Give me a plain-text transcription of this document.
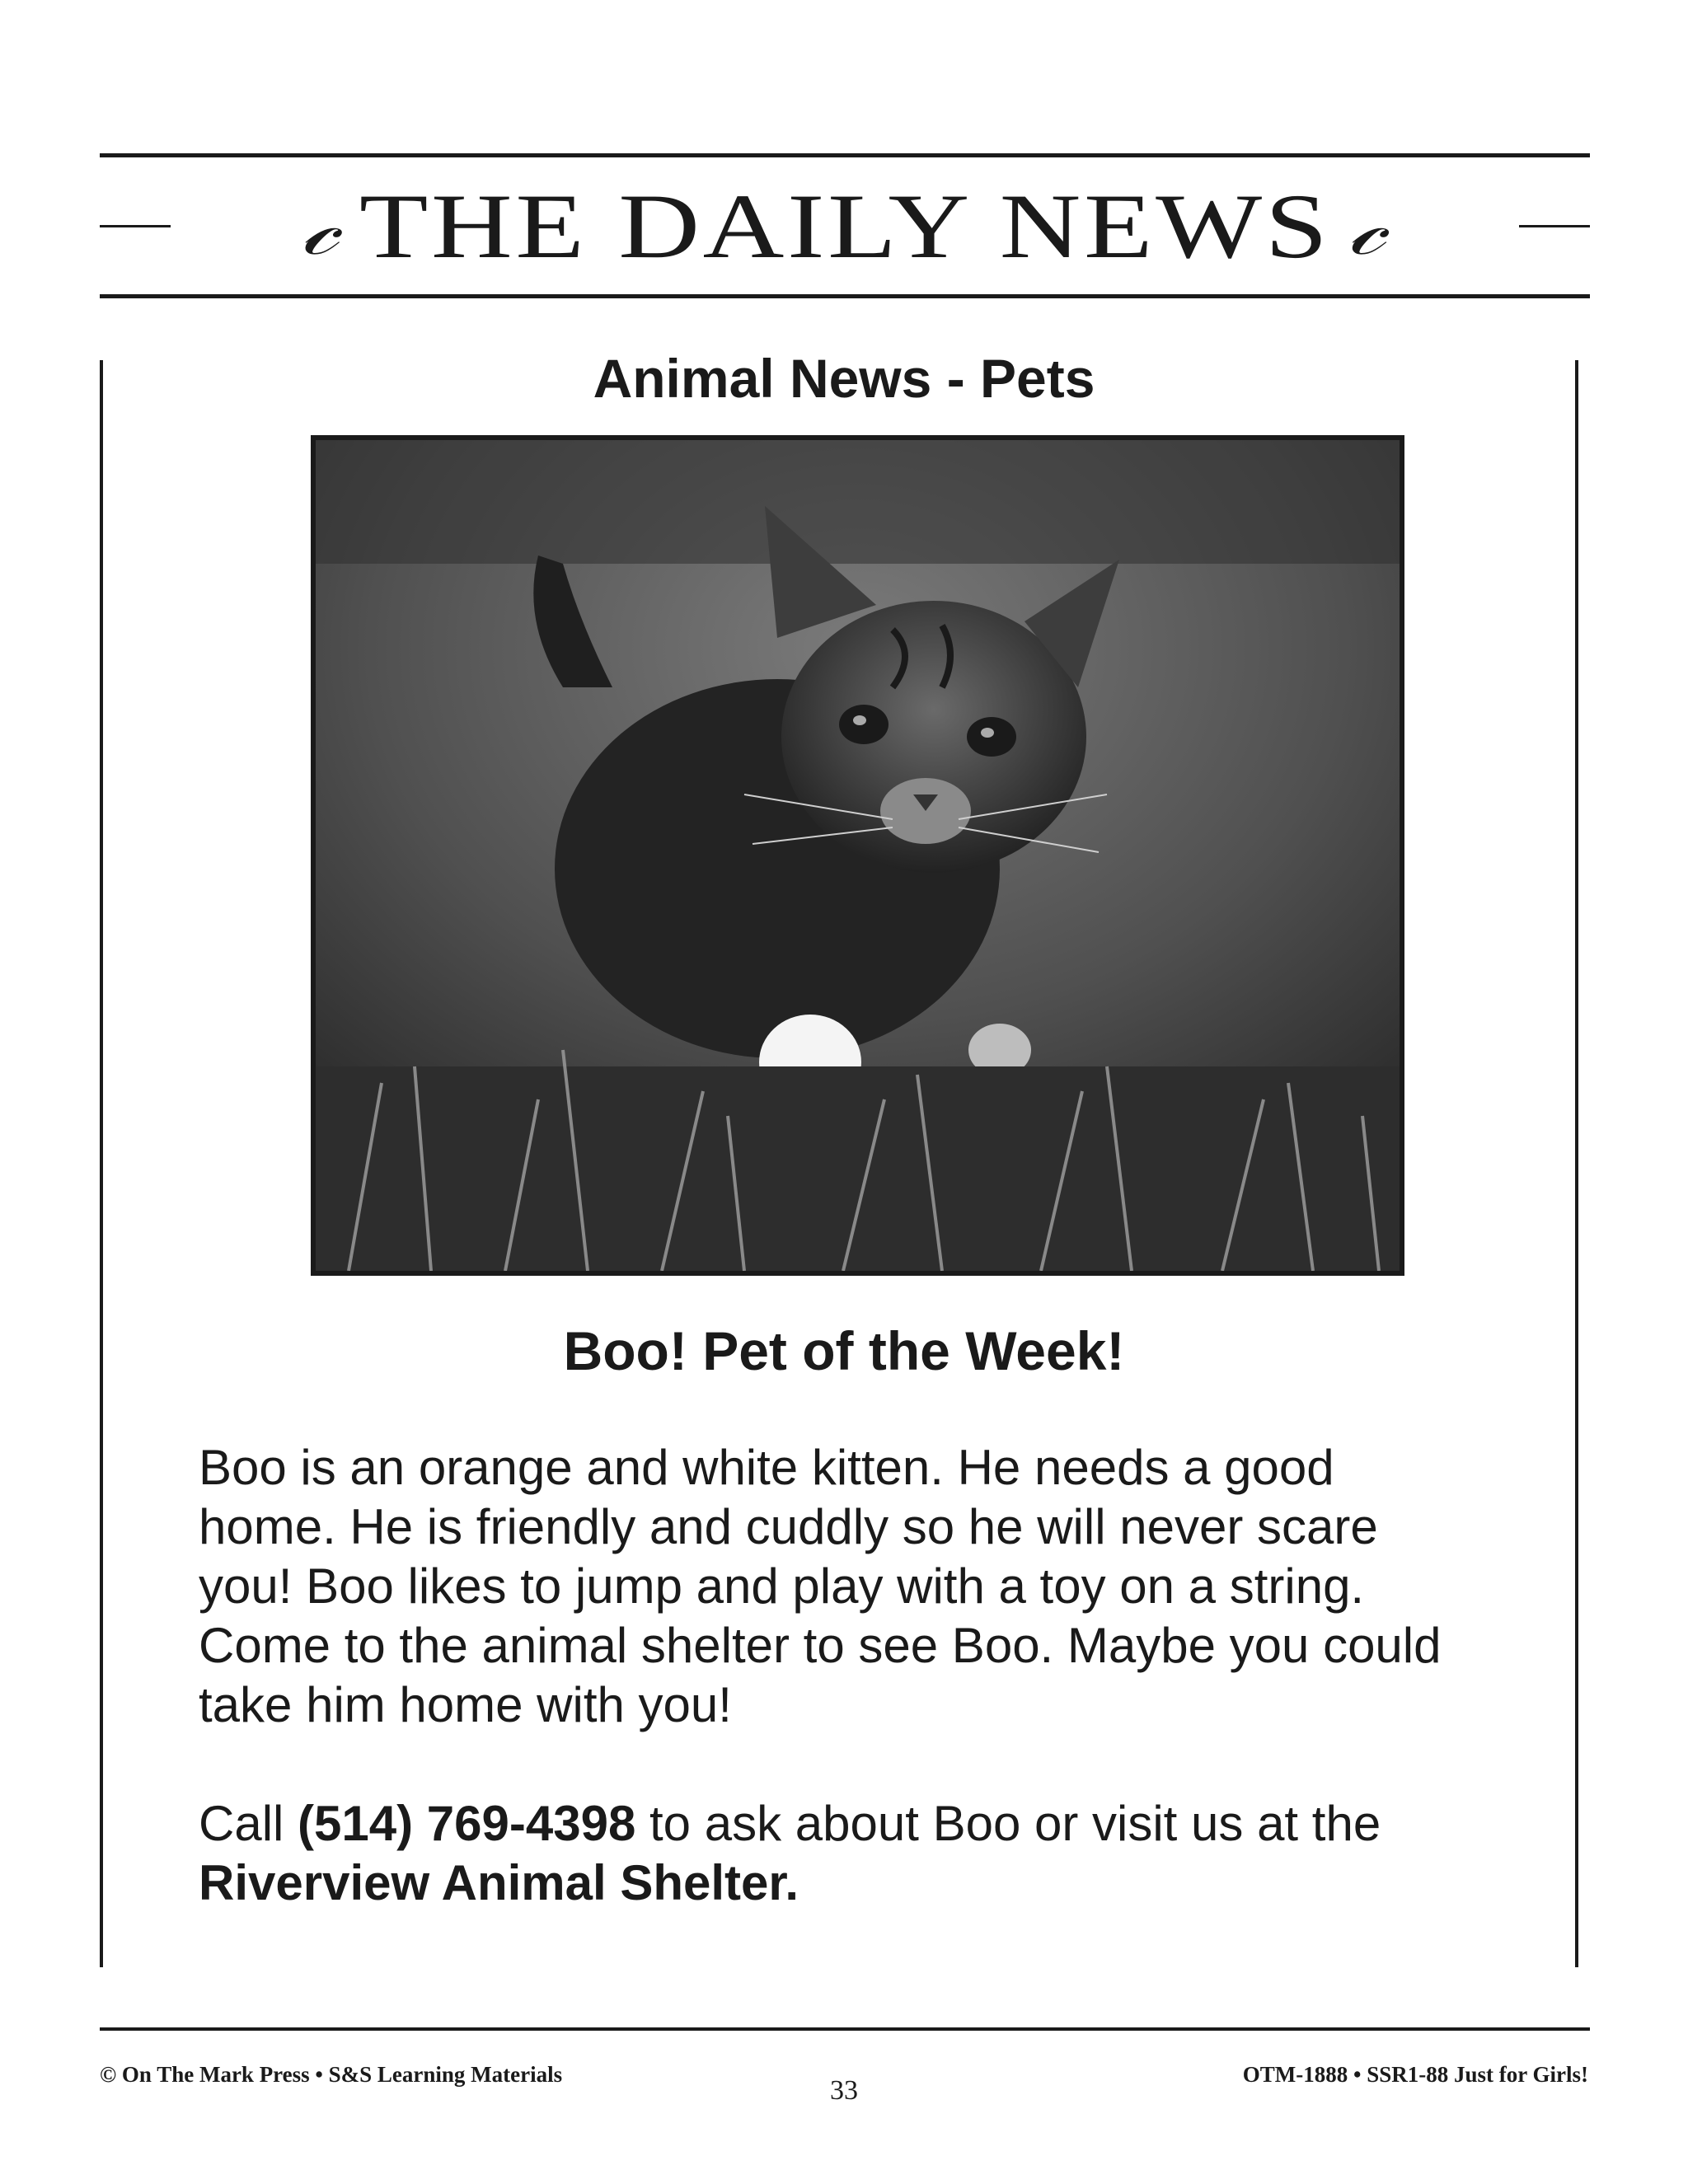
𝒸 THE DAILY NEWS 𝒸
Animal News - Pets
Boo! Pet of the Week!

Boo is an orange and white kitten. He needs a good home. He is friendly and cuddly so he will never scare you! Boo likes to jump and play with a toy on a string. Come to the animal shelter to see Boo. Maybe you could take him home with you!

Call (514) 769-4398 to ask about Boo or visit us at the
Riverview Animal Shelter.

© On The Mark Press • S&S Learning Materials
33
OTM-1888 • SSR1-88 Just for Girls!
